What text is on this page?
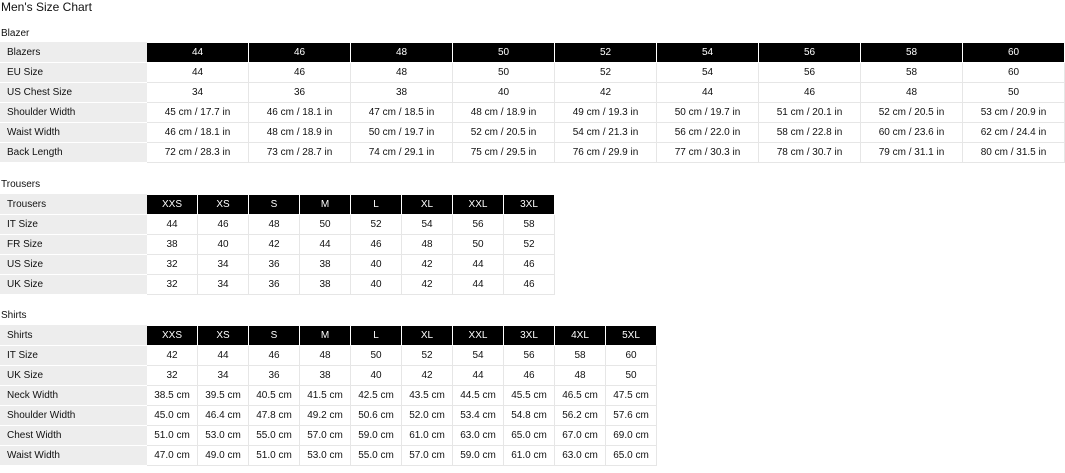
Men's Size Chart
Blazer
Blazers	44	46	48	50	52	54	56	58	60
EU Size	44	46	48	50	52	54	56	58	60
US Chest Size	34	36	38	40	42	44	46	48	50
Shoulder Width	45 cm / 17.7 in	46 cm / 18.1 in	47 cm / 18.5 in	48 cm / 18.9 in	49 cm / 19.3 in	50 cm / 19.7 in	51 cm / 20.1 in	52 cm / 20.5 in	53 cm / 20.9 in
Waist Width	46 cm / 18.1 in	48 cm / 18.9 in	50 cm / 19.7 in	52 cm / 20.5 in	54 cm / 21.3 in	56 cm / 22.0 in	58 cm / 22.8 in	60 cm / 23.6 in	62 cm / 24.4 in
Back Length	72 cm / 28.3 in	73 cm / 28.7 in	74 cm / 29.1 in	75 cm / 29.5 in	76 cm / 29.9 in	77 cm / 30.3 in	78 cm / 30.7 in	79 cm / 31.1 in	80 cm / 31.5 in
Trousers
Trousers	XXS	XS	S	M	L	XL	XXL	3XL
IT Size	44	46	48	50	52	54	56	58
FR Size	38	40	42	44	46	48	50	52
US Size	32	34	36	38	40	42	44	46
UK Size	32	34	36	38	40	42	44	46
Shirts
Shirts	XXS	XS	S	M	L	XL	XXL	3XL	4XL	5XL
IT Size	42	44	46	48	50	52	54	56	58	60
UK Size	32	34	36	38	40	42	44	46	48	50
Neck Width	38.5 cm	39.5 cm	40.5 cm	41.5 cm	42.5 cm	43.5 cm	44.5 cm	45.5 cm	46.5 cm	47.5 cm
Shoulder Width	45.0 cm	46.4 cm	47.8 cm	49.2 cm	50.6 cm	52.0 cm	53.4 cm	54.8 cm	56.2 cm	57.6 cm
Chest Width	51.0 cm	53.0 cm	55.0 cm	57.0 cm	59.0 cm	61.0 cm	63.0 cm	65.0 cm	67.0 cm	69.0 cm
Waist Width	47.0 cm	49.0 cm	51.0 cm	53.0 cm	55.0 cm	57.0 cm	59.0 cm	61.0 cm	63.0 cm	65.0 cm
